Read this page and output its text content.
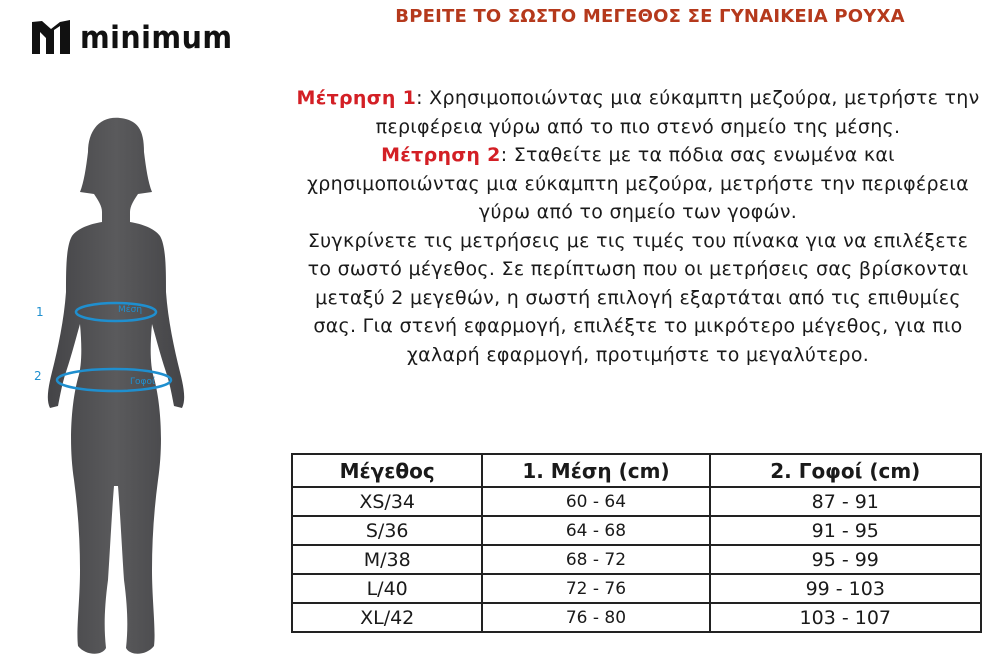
minimum
1
2
Μέση
Γοφοί
ΒΡΕΙΤΕ ΤΟ ΣΩΣΤΟ ΜΕΓΕΘΟΣ ΣΕ ΓΥΝΑΙΚΕΙΑ ΡΟΥΧΑ

Μέτρηση 1: Χρησιμοποιώντας μια εύκαμπτη μεζούρα, μετρήστε την περιφέρεια γύρω από το πιο στενό σημείο της μέσης.

Μέτρηση 2: Σταθείτε με τα πόδια σας ενωμένα και χρησιμοποιώντας μια εύκαμπτη μεζούρα, μετρήστε την περιφέρεια γύρω από το σημείο των γοφών.

Συγκρίνετε τις μετρήσεις με τις τιμές του πίνακα για να επιλέξετε το σωστό μέγεθος. Σε περίπτωση που οι μετρήσεις σας βρίσκονται μεταξύ 2 μεγεθών, η σωστή επιλογή εξαρτάται από τις επιθυμίες σας. Για στενή εφαρμογή, επιλέξτε το μικρότερο μέγεθος, για πιο χαλαρή εφαρμογή, προτιμήστε το μεγαλύτερο.

Μέγεθος	1. Μέση (cm)	2. Γοφοί (cm)
XS/34	60 - 64	87 - 91
S/36	64 - 68	91 - 95
M/38	68 - 72	95 - 99
L/40	72 - 76	99 - 103
XL/42	76 - 80	103 - 107
